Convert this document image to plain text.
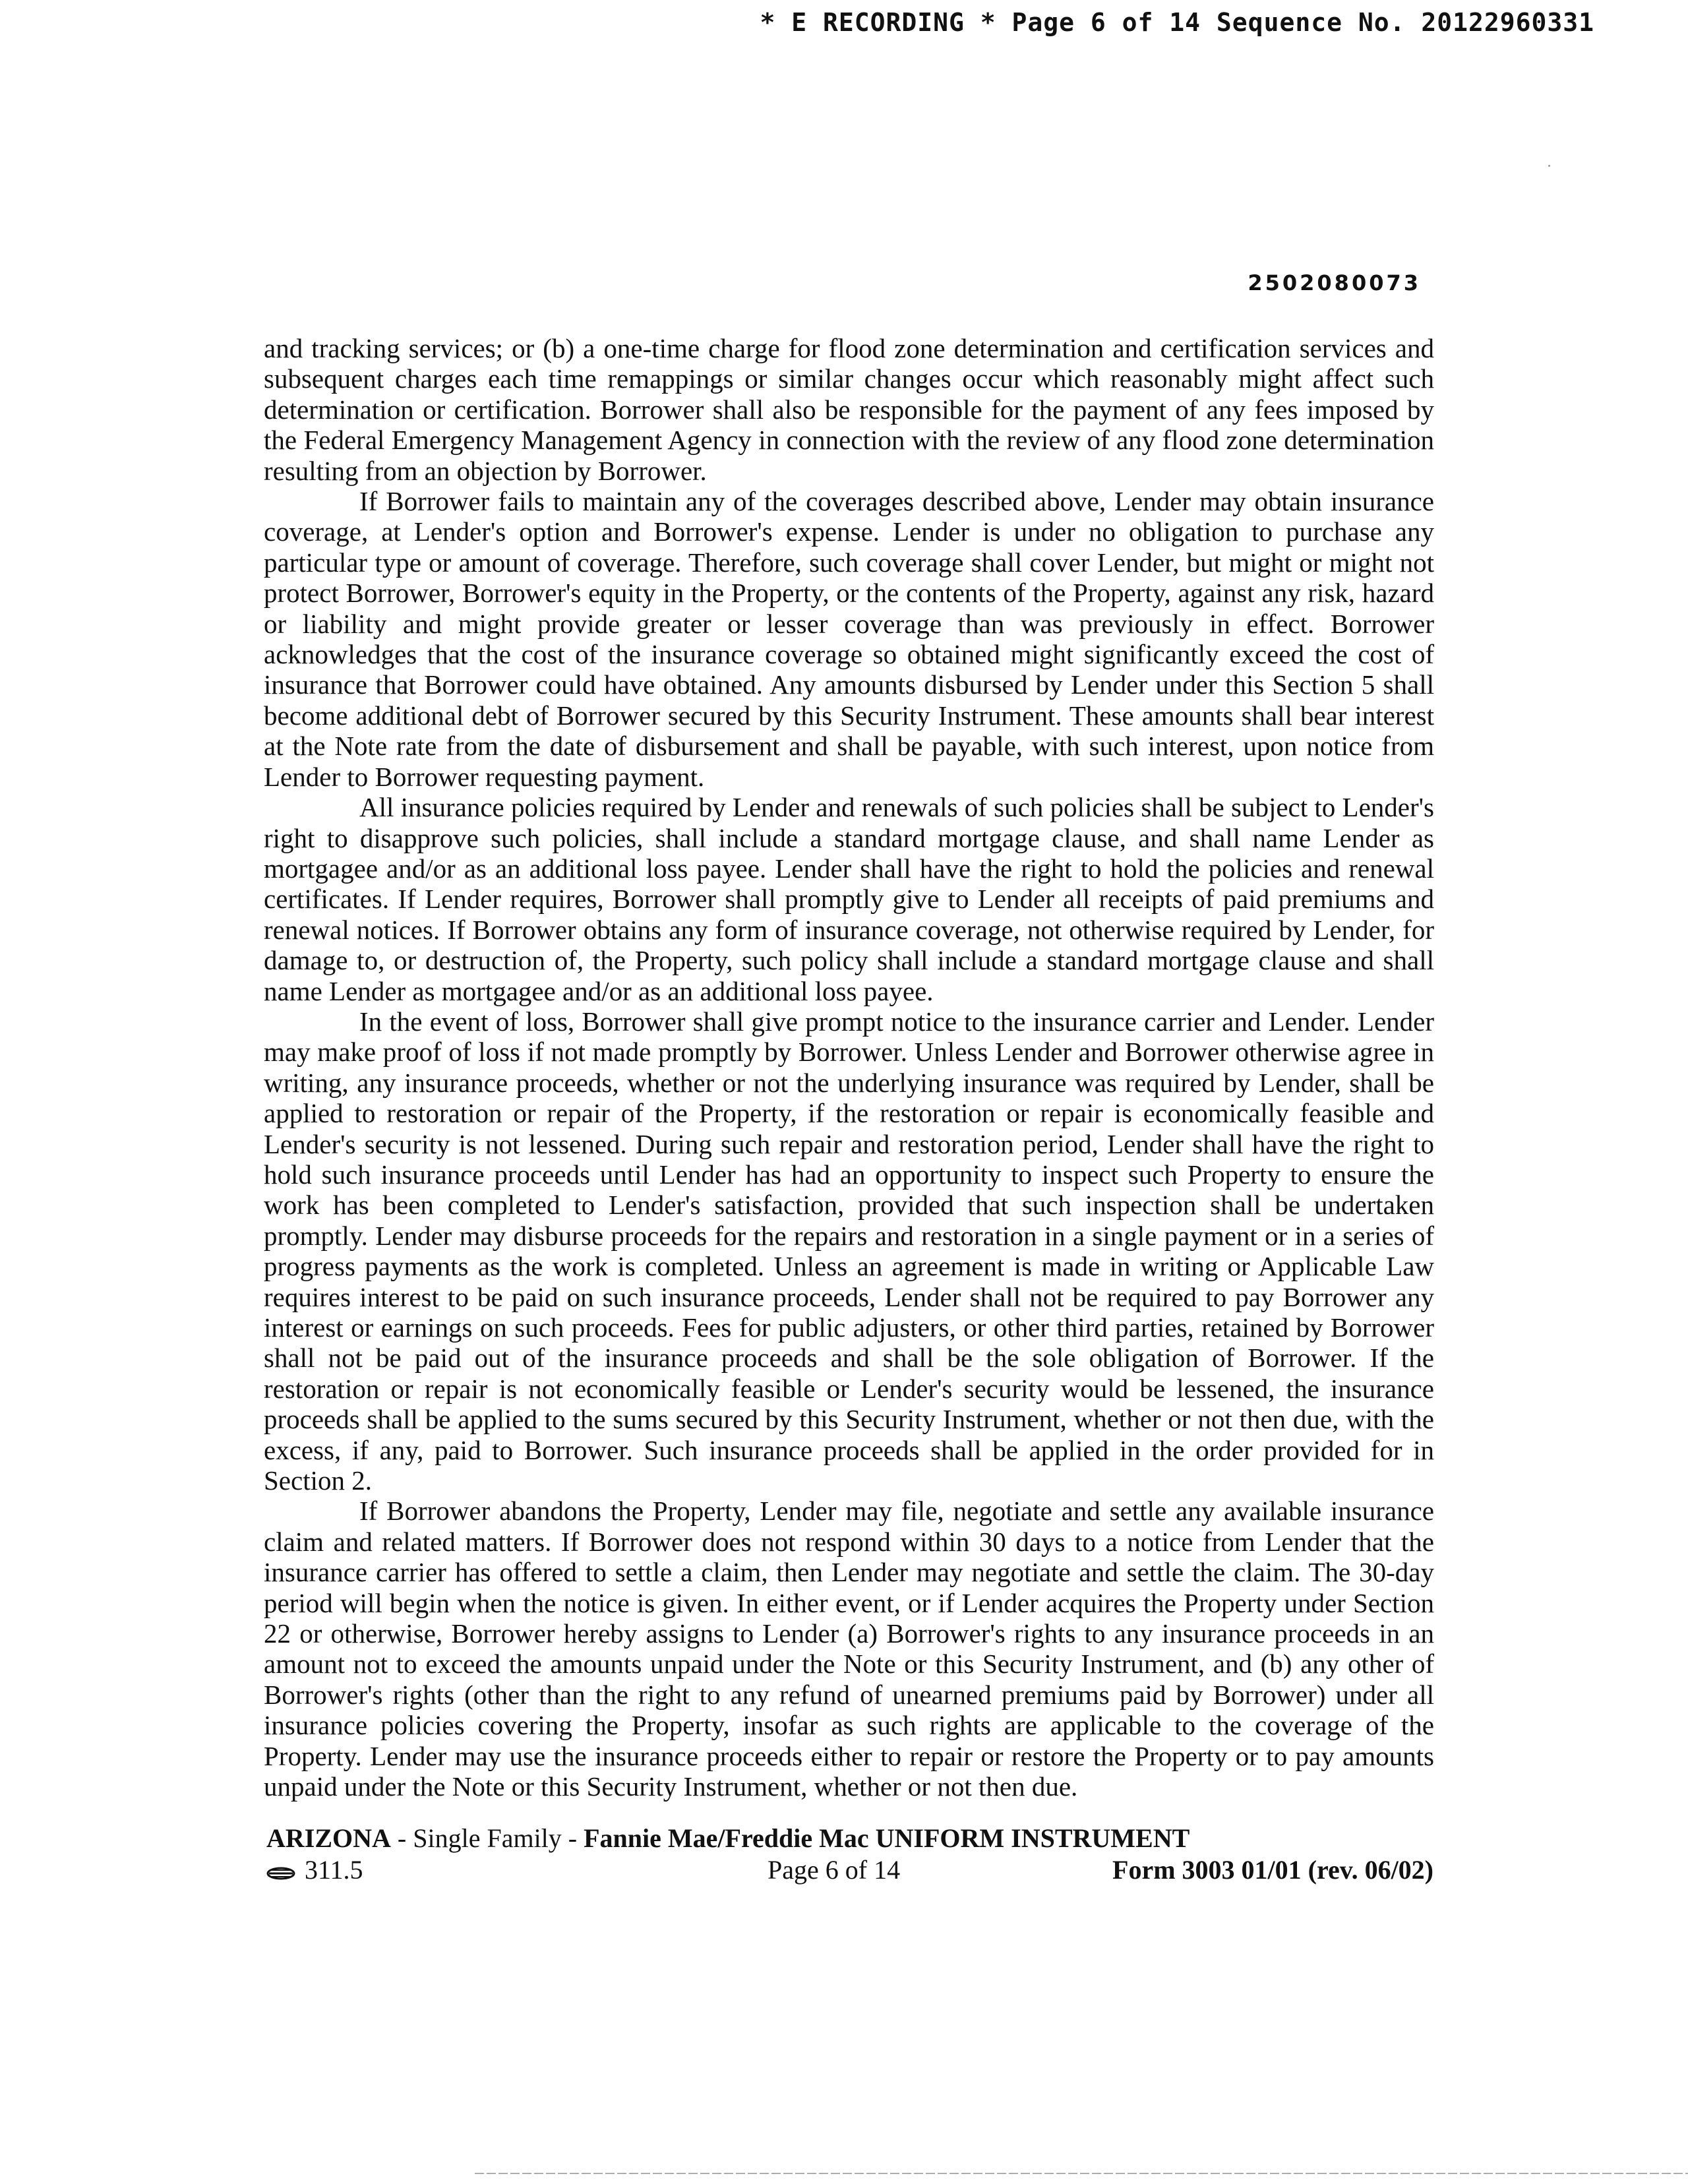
* E RECORDING * Page 6 of 14 Sequence No. 20122960331
2502080073

and tracking services; or (b) a one-time charge for flood zone determination and certification services and subsequent charges each time remappings or similar changes occur which reasonably might affect such determination or certification. Borrower shall also be responsible for the payment of any fees imposed by the Federal Emergency Management Agency in connection with the review of any flood zone determination resulting from an objection by Borrower.

If Borrower fails to maintain any of the coverages described above, Lender may obtain insurance coverage, at Lender's option and Borrower's expense. Lender is under no obligation to purchase any particular type or amount of coverage. Therefore, such coverage shall cover Lender, but might or might not protect Borrower, Borrower's equity in the Property, or the contents of the Property, against any risk, hazard or liability and might provide greater or lesser coverage than was previously in effect. Borrower acknowledges that the cost of the insurance coverage so obtained might significantly exceed the cost of insurance that Borrower could have obtained. Any amounts disbursed by Lender under this Section 5 shall become additional debt of Borrower secured by this Security Instrument. These amounts shall bear interest at the Note rate from the date of disbursement and shall be payable, with such interest, upon notice from Lender to Borrower requesting payment.

All insurance policies required by Lender and renewals of such policies shall be subject to Lender's right to disapprove such policies, shall include a standard mortgage clause, and shall name Lender as mortgagee and/or as an additional loss payee. Lender shall have the right to hold the policies and renewal certificates. If Lender requires, Borrower shall promptly give to Lender all receipts of paid premiums and renewal notices. If Borrower obtains any form of insurance coverage, not otherwise required by Lender, for damage to, or destruction of, the Property, such policy shall include a standard mortgage clause and shall name Lender as mortgagee and/or as an additional loss payee.

In the event of loss, Borrower shall give prompt notice to the insurance carrier and Lender. Lender may make proof of loss if not made promptly by Borrower. Unless Lender and Borrower otherwise agree in writing, any insurance proceeds, whether or not the underlying insurance was required by Lender, shall be applied to restoration or repair of the Property, if the restoration or repair is economically feasible and Lender's security is not lessened. During such repair and restoration period, Lender shall have the right to hold such insurance proceeds until Lender has had an opportunity to inspect such Property to ensure the work has been completed to Lender's satisfaction, provided that such inspection shall be undertaken promptly. Lender may disburse proceeds for the repairs and restoration in a single payment or in a series of progress payments as the work is completed. Unless an agreement is made in writing or Applicable Law requires interest to be paid on such insurance proceeds, Lender shall not be required to pay Borrower any interest or earnings on such proceeds. Fees for public adjusters, or other third parties, retained by Borrower shall not be paid out of the insurance proceeds and shall be the sole obligation of Borrower. If the restoration or repair is not economically feasible or Lender's security would be lessened, the insurance proceeds shall be applied to the sums secured by this Security Instrument, whether or not then due, with the excess, if any, paid to Borrower. Such insurance proceeds shall be applied in the order provided for in Section 2.

If Borrower abandons the Property, Lender may file, negotiate and settle any available insurance claim and related matters. If Borrower does not respond within 30 days to a notice from Lender that the insurance carrier has offered to settle a claim, then Lender may negotiate and settle the claim. The 30-day period will begin when the notice is given. In either event, or if Lender acquires the Property under Section 22 or otherwise, Borrower hereby assigns to Lender (a) Borrower's rights to any insurance proceeds in an amount not to exceed the amounts unpaid under the Note or this Security Instrument, and (b) any other of Borrower's rights (other than the right to any refund of unearned premiums paid by Borrower) under all insurance policies covering the Property, insofar as such rights are applicable to the coverage of the Property. Lender may use the insurance proceeds either to repair or restore the Property or to pay amounts unpaid under the Note or this Security Instrument, whether or not then due.

ARIZONA - Single Family - Fannie Mae/Freddie Mac UNIFORM INSTRUMENT
311.5	Page 6 of 14	Form 3003 01/01 (rev. 06/02)
